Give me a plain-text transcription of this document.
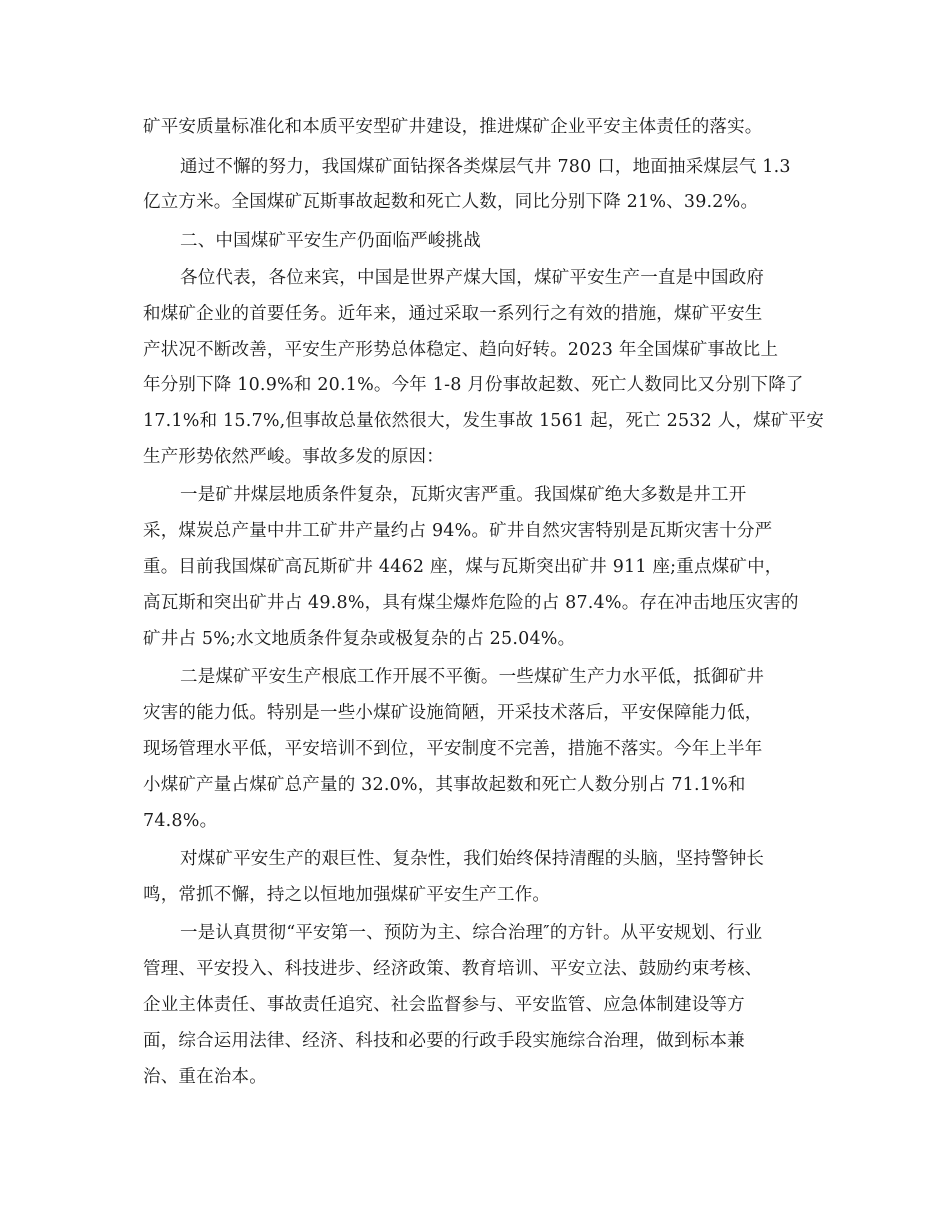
矿平安质量标准化和本质平安型矿井建设，推进煤矿企业平安主体责任的落实。
通过不懈的努力，我国煤矿面钻探各类煤层气井 780 口，地面抽采煤层气 1.3
亿立方米。全国煤矿瓦斯事故起数和死亡人数，同比分别下降 21%、39.2%。
二、中国煤矿平安生产仍面临严峻挑战
各位代表，各位来宾，中国是世界产煤大国，煤矿平安生产一直是中国政府
和煤矿企业的首要任务。近年来，通过采取一系列行之有效的措施，煤矿平安生
产状况不断改善，平安生产形势总体稳定、趋向好转。2023 年全国煤矿事故比上
年分别下降 10.9%和 20.1%。今年 1-8 月份事故起数、死亡人数同比又分别下降了
17.1%和 15.7%,但事故总量依然很大，发生事故 1561 起，死亡 2532 人，煤矿平安
生产形势依然严峻。事故多发的原因：
一是矿井煤层地质条件复杂，瓦斯灾害严重。我国煤矿绝大多数是井工开
采，煤炭总产量中井工矿井产量约占 94%。矿井自然灾害特别是瓦斯灾害十分严
重。目前我国煤矿高瓦斯矿井 4462 座，煤与瓦斯突出矿井 911 座;重点煤矿中，
高瓦斯和突出矿井占 49.8%，具有煤尘爆炸危险的占 87.4%。存在冲击地压灾害的
矿井占 5%;水文地质条件复杂或极复杂的占 25.04%。
二是煤矿平安生产根底工作开展不平衡。一些煤矿生产力水平低，抵御矿井
灾害的能力低。特别是一些小煤矿设施简陋，开采技术落后，平安保障能力低，
现场管理水平低，平安培训不到位，平安制度不完善，措施不落实。今年上半年
小煤矿产量占煤矿总产量的 32.0%，其事故起数和死亡人数分别占 71.1%和
74.8%。
对煤矿平安生产的艰巨性、复杂性，我们始终保持清醒的头脑，坚持警钟长
鸣，常抓不懈，持之以恒地加强煤矿平安生产工作。
一是认真贯彻“平安第一、预防为主、综合治理″的方针。从平安规划、行业
管理、平安投入、科技进步、经济政策、教育培训、平安立法、鼓励约束考核、
企业主体责任、事故责任追究、社会监督参与、平安监管、应急体制建设等方
面，综合运用法律、经济、科技和必要的行政手段实施综合治理，做到标本兼
治、重在治本。
